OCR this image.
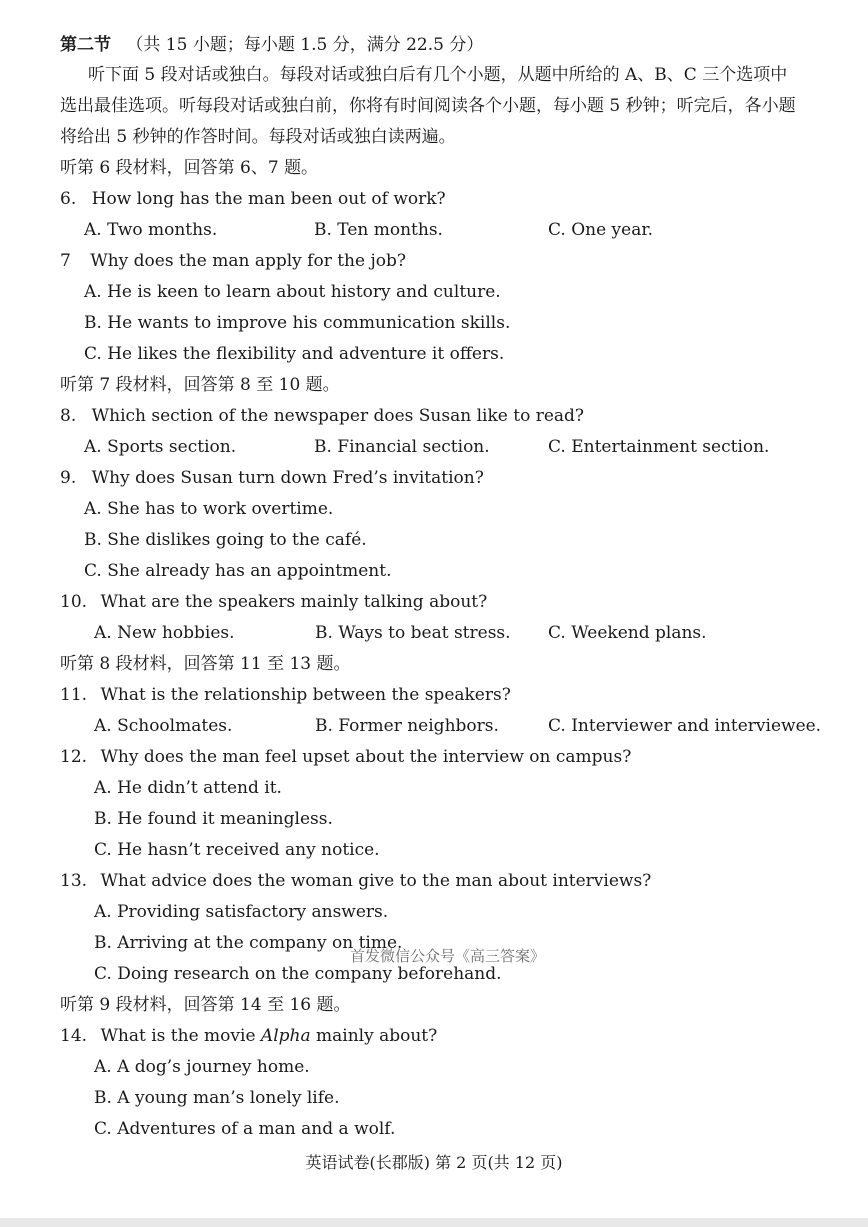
第二节 （共 15 小题；每小题 1.5 分，满分 22.5 分）
听下面 5 段对话或独白。每段对话或独白后有几个小题，从题中所给的 A、B、C 三个选项中
选出最佳选项。听每段对话或独白前，你将有时间阅读各个小题，每小题 5 秒钟；听完后，各小题
将给出 5 秒钟的作答时间。每段对话或独白读两遍。
听第 6 段材料，回答第 6、7 题。
6. How long has the man been out of work?
A. Two months.	B. Ten months.	C. One year.
7 Why does the man apply for the job?
A. He is keen to learn about history and culture.
B. He wants to improve his communication skills.
C. He likes the flexibility and adventure it offers.
听第 7 段材料，回答第 8 至 10 题。
8. Which section of the newspaper does Susan like to read?
A. Sports section.	B. Financial section.	C. Entertainment section.
9. Why does Susan turn down Fred’s invitation?
A. She has to work overtime.
B. She dislikes going to the café.
C. She already has an appointment.
10. What are the speakers mainly talking about?
A. New hobbies.	B. Ways to beat stress. C. Weekend plans.
听第 8 段材料，回答第 11 至 13 题。
11. What is the relationship between the speakers?
A. Schoolmates.	B. Former neighbors.	C. Interviewer and interviewee.
12. Why does the man feel upset about the interview on campus?
A. He didn’t attend it.
B. He found it meaningless.
C. He hasn’t received any notice.
13. What advice does the woman give to the man about interviews?
A. Providing satisfactory answers.
B. Arriving at the company on time.
C. Doing research on the company beforehand.
首发微信公众号《高三答案》
听第 9 段材料，回答第 14 至 16 题。
14. What is the movie Alpha mainly about?
A. A dog’s journey home.
B. A young man’s lonely life.
C. Adventures of a man and a wolf.
英语试卷(长郡版) 第 2 页(共 12 页)
